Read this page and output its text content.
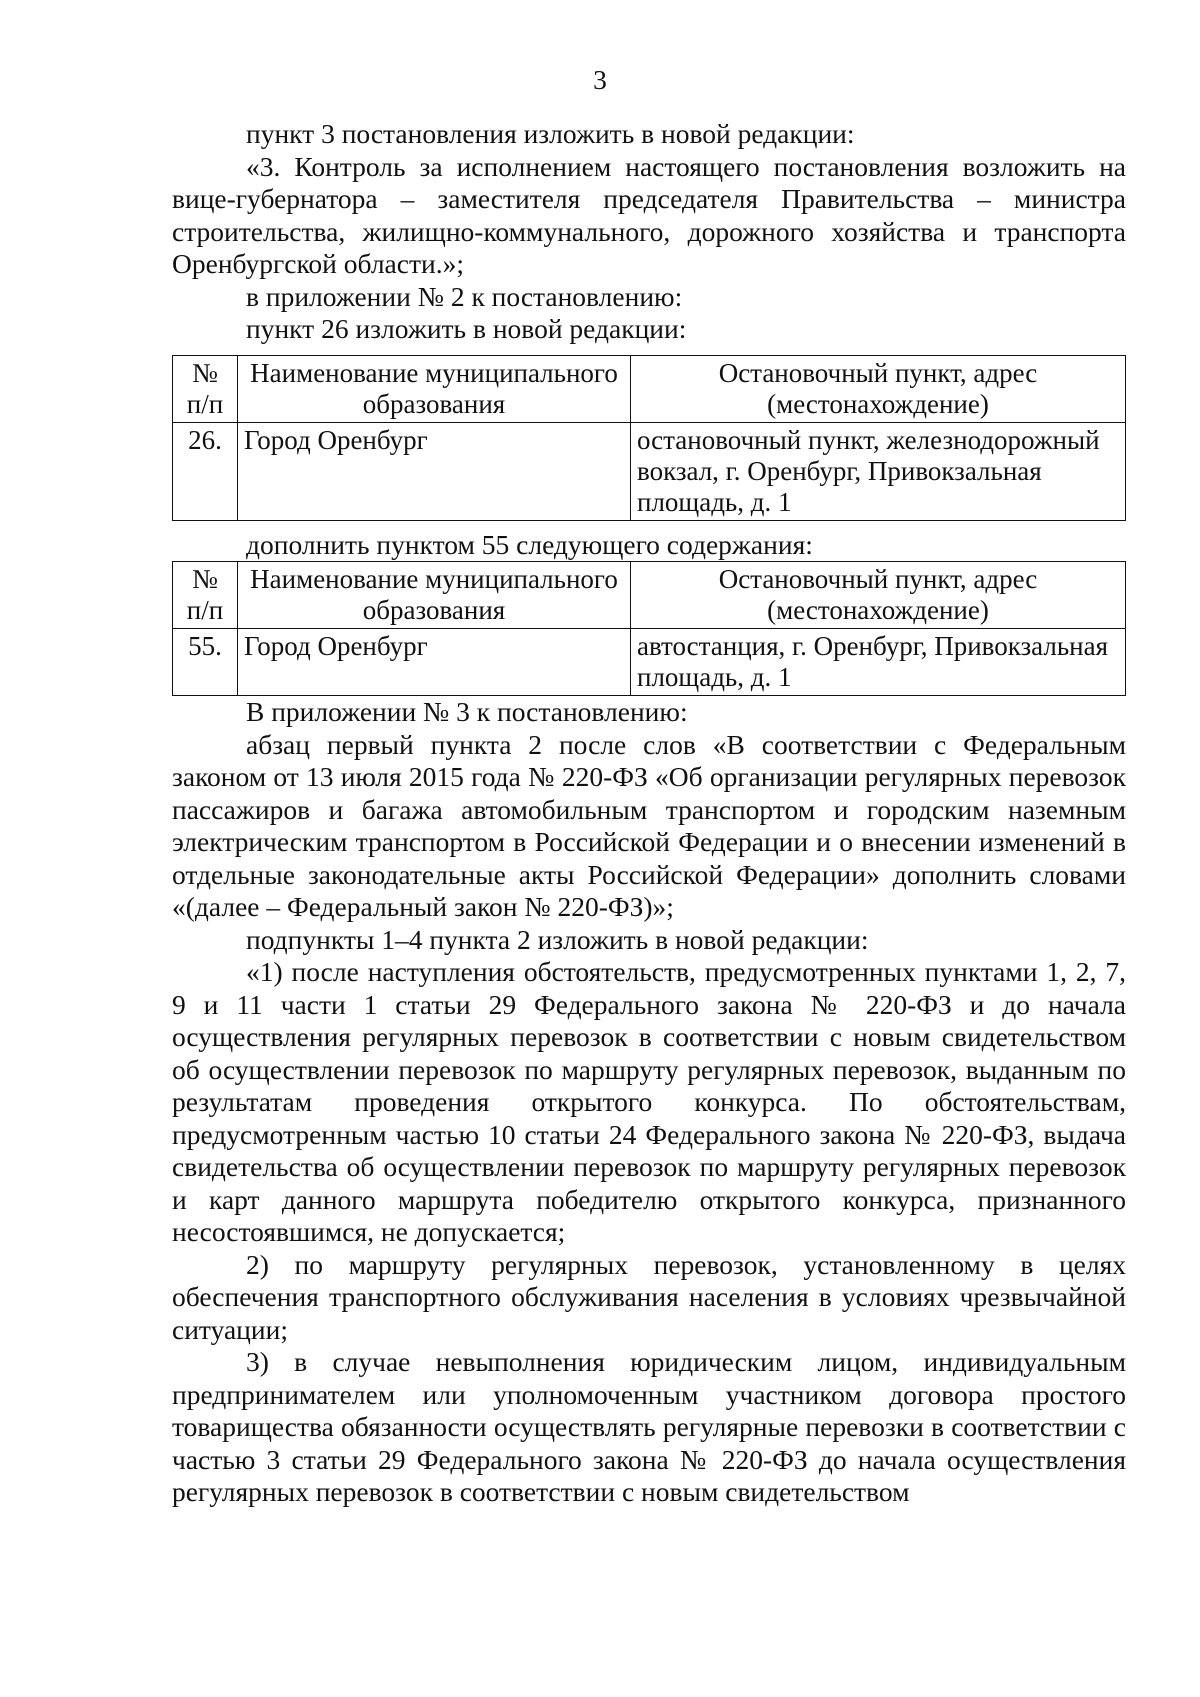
3

пункт 3 постановления изложить в новой редакции:

«3. Контроль за исполнением настоящего постановления возложить на вице-губернатора – заместителя председателя Правительства – министра строительства, жилищно-коммунального, дорожного хозяйства и транспорта Оренбургской области.»;

в приложении № 2 к постановлению:

пункт 26 изложить в новой редакции:

№ п/п	Наименование муниципального образования	Остановочный пункт, адрес (местонахождение)
26.	Город Оренбург	остановочный пункт, железнодорожный вокзал, г. Оренбург, Привокзальная площадь, д. 1

дополнить пунктом 55 следующего содержания:

№ п/п	Наименование муниципального образования	Остановочный пункт, адрес (местонахождение)
55.	Город Оренбург	автостанция, г. Оренбург, Привокзальная площадь, д. 1

В приложении № 3 к постановлению:

абзац первый пункта 2 после слов «В соответствии с Федеральным законом от 13 июля 2015 года № 220-ФЗ «Об организации регулярных перевозок пассажиров и багажа автомобильным транспортом и городским наземным электрическим транспортом в Российской Федерации и о внесении изменений в отдельные законодательные акты Российской Федерации» дополнить словами «(далее – Федеральный закон № 220-ФЗ)»;

подпункты 1–4 пункта 2 изложить в новой редакции:

«1) после наступления обстоятельств, предусмотренных пунктами 1, 2, 7, 9 и 11 части 1 статьи 29 Федерального закона № 220-ФЗ и до начала осуществления регулярных перевозок в соответствии с новым свидетельством об осуществлении перевозок по маршруту регулярных перевозок, выданным по результатам проведения открытого конкурса. По обстоятельствам, предусмотренным частью 10 статьи 24 Федерального закона № 220-ФЗ, выдача свидетельства об осуществлении перевозок по маршруту регулярных перевозок и карт данного маршрута победителю открытого конкурса, признанного несостоявшимся, не допускается;

2) по маршруту регулярных перевозок, установленному в целях обеспечения транспортного обслуживания населения в условиях чрезвычайной ситуации;

3) в случае невыполнения юридическим лицом, индивидуальным предпринимателем или уполномоченным участником договора простого товарищества обязанности осуществлять регулярные перевозки в соответствии с частью 3 статьи 29 Федерального закона № 220-ФЗ до начала осуществления регулярных перевозок в соответствии с новым свидетельством
